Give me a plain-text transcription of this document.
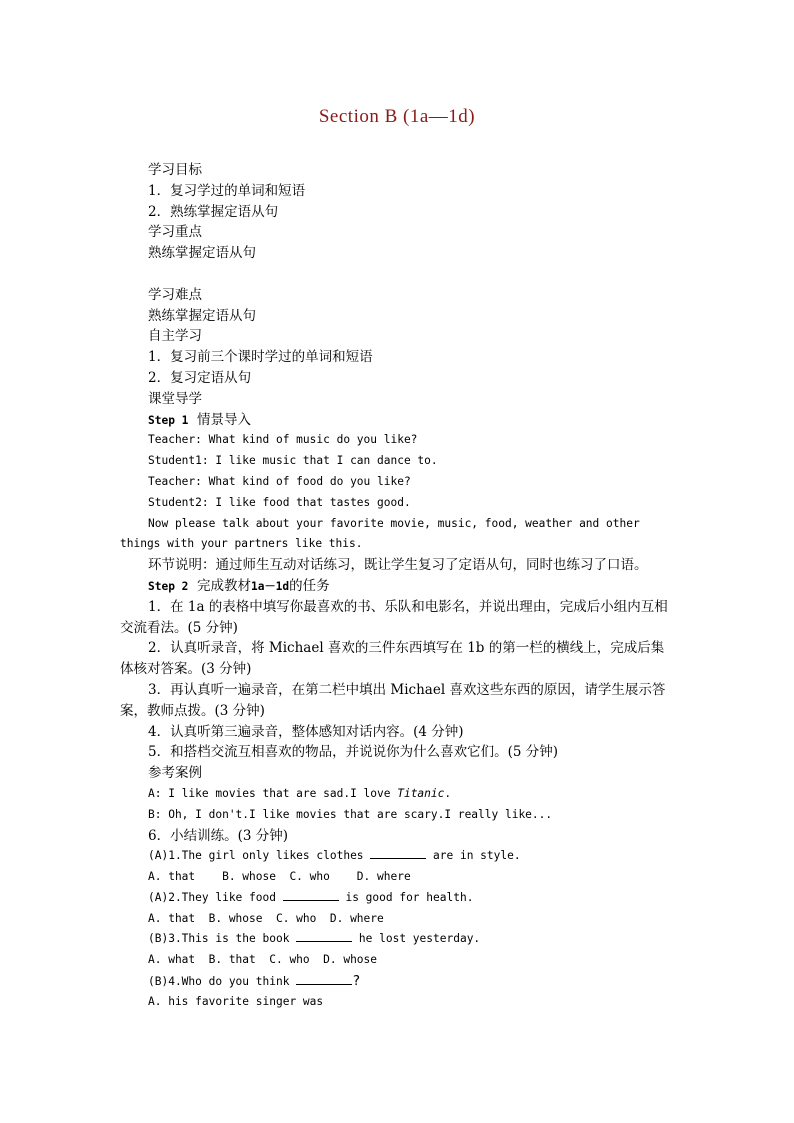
Section B (1a—1d)
学习目标
1．复习学过的单词和短语
2．熟练掌握定语从句
学习重点
熟练掌握定语从句
学习难点
熟练掌握定语从句
自主学习
1．复习前三个课时学过的单词和短语
2．复习定语从句
课堂导学
Step 1 情景导入
Teacher: What kind of music do you like?
Student1: I like music that I can dance to.
Teacher: What kind of food do you like?
Student2: I like food that tastes good.
Now please talk about your favorite movie, music, food, weather and other things with your partners like this.
环节说明：通过师生互动对话练习，既让学生复习了定语从句，同时也练习了口语。
Step 2 完成教材1a－1d的任务
1．在 1a 的表格中填写你最喜欢的书、乐队和电影名，并说出理由，完成后小组内互相交流看法。(5 分钟)
2．认真听录音，将 Michael 喜欢的三件东西填写在 1b 的第一栏的横线上，完成后集体核对答案。(3 分钟)
3．再认真听一遍录音，在第二栏中填出 Michael 喜欢这些东西的原因，请学生展示答案，教师点拨。(3 分钟)
4．认真听第三遍录音，整体感知对话内容。(4 分钟)
5．和搭档交流互相喜欢的物品，并说说你为什么喜欢它们。(5 分钟)
参考案例
A: I like movies that are sad.I love Titanic.
B: Oh, I don't.I like movies that are scary.I really like...
6．小结训练。(3 分钟)
(A)1.The girl only likes clothes	are in style.
A. that    B. whose  C. who    D. where
(A)2.They like food	is good for health.
A. that  B. whose  C. who  D. where
(B)3.This is the book	he lost yesterday.
A. what  B. that  C. who  D. whose
(B)4.Who do you think	?
A. his favorite singer was
